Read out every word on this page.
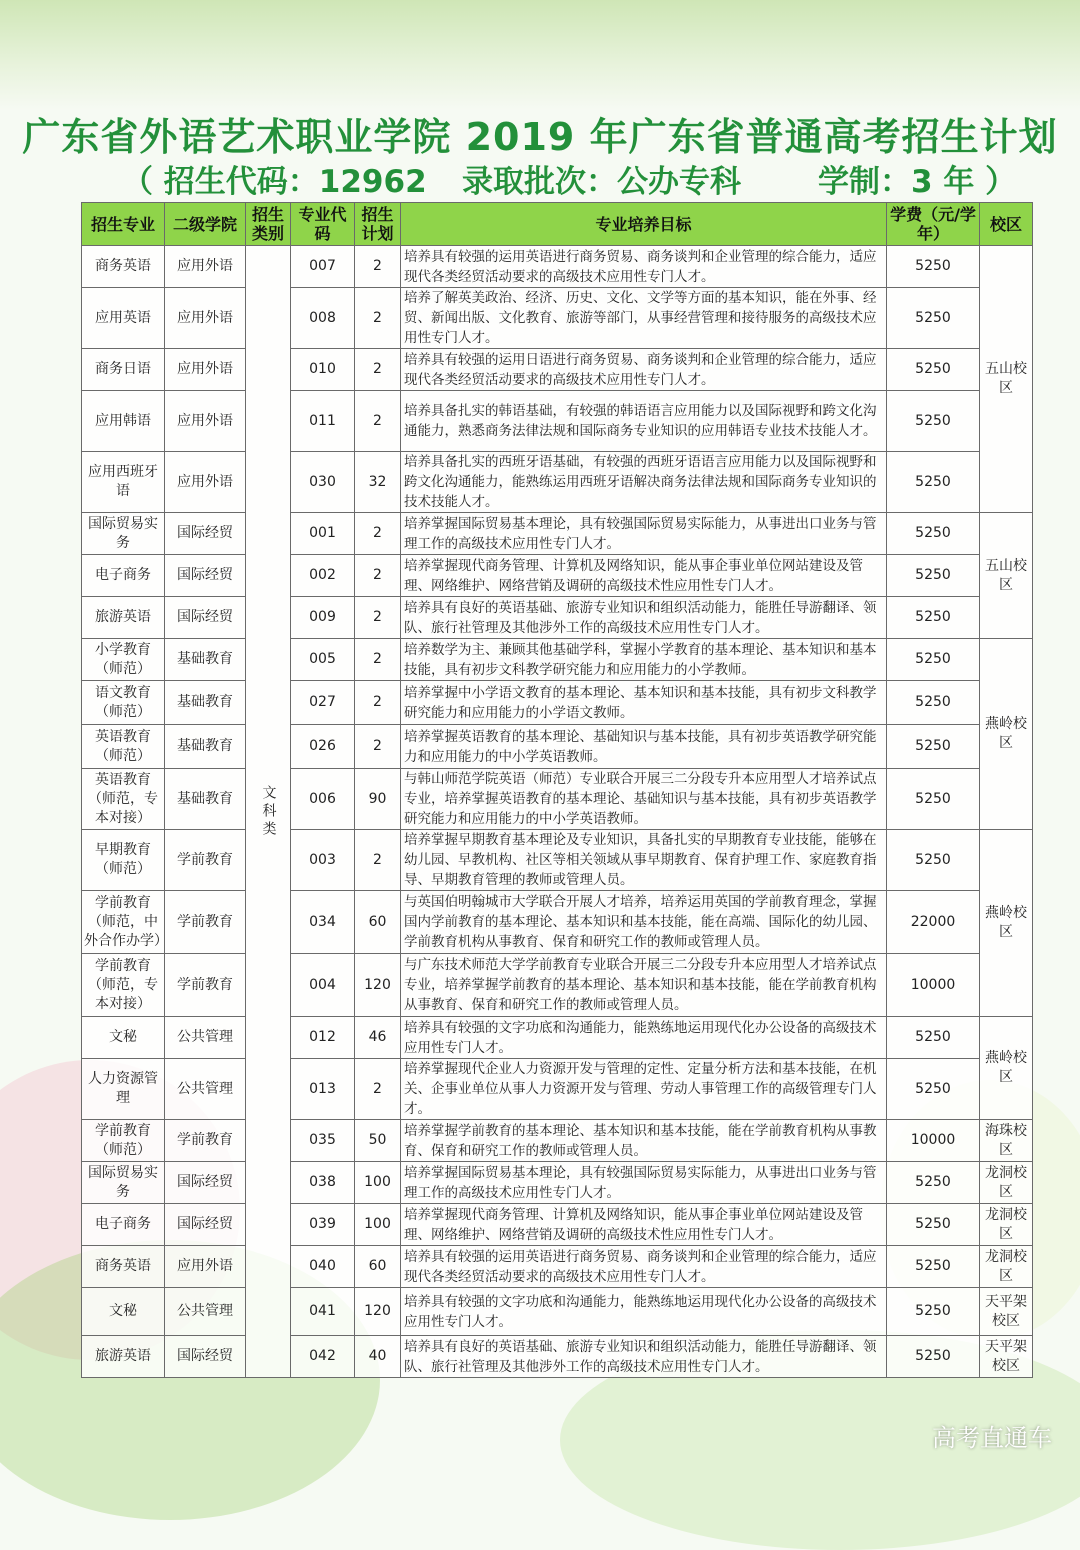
广东省外语艺术职业学院 2019 年广东省普通高考招生计划
（ 招生代码：12962 录取批次：公办专科 学制：3 年 ）
招生专业	二级学院	招生类别	专业代码	招生计划	专业培养目标	学费（元/学年）	校区
商务英语	应用外语	文科类	007	2	培养具有较强的运用英语进行商务贸易、商务谈判和企业管理的综合能力，适应现代各类经贸活动要求的高级技术应用性专门人才。	5250	五山校区
应用英语	应用外语		008	2	培养了解英美政治、经济、历史、文化、文学等方面的基本知识，能在外事、经贸、新闻出版、文化教育、旅游等部门，从事经营管理和接待服务的高级技术应用性专门人才。	5250	
商务日语	应用外语		010	2	培养具有较强的运用日语进行商务贸易、商务谈判和企业管理的综合能力，适应现代各类经贸活动要求的高级技术应用性专门人才。	5250	
应用韩语	应用外语		011	2	培养具备扎实的韩语基础，有较强的韩语语言应用能力以及国际视野和跨文化沟通能力，熟悉商务法律法规和国际商务专业知识的应用韩语专业技术技能人才。	5250	
应用西班牙语	应用外语		030	32	培养具备扎实的西班牙语基础，有较强的西班牙语语言应用能力以及国际视野和跨文化沟通能力，能熟练运用西班牙语解决商务法律法规和国际商务专业知识的技术技能人才。	5250	
国际贸易实务	国际经贸		001	2	培养掌握国际贸易基本理论，具有较强国际贸易实际能力，从事进出口业务与管理工作的高级技术应用性专门人才。	5250	五山校区
电子商务	国际经贸		002	2	培养掌握现代商务管理、计算机及网络知识，能从事企事业单位网站建设及管理、网络维护、网络营销及调研的高级技术性应用性专门人才。	5250	
旅游英语	国际经贸		009	2	培养具有良好的英语基础、旅游专业知识和组织活动能力，能胜任导游翻译、领队、旅行社管理及其他涉外工作的高级技术应用性专门人才。	5250	
小学教育（师范）	基础教育		005	2	培养数学为主、兼顾其他基础学科，掌握小学教育的基本理论、基本知识和基本技能，具有初步文科教学研究能力和应用能力的小学教师。	5250	燕岭校区
语文教育（师范）	基础教育		027	2	培养掌握中小学语文教育的基本理论、基本知识和基本技能，具有初步文科教学研究能力和应用能力的小学语文教师。	5250	
英语教育（师范）	基础教育		026	2	培养掌握英语教育的基本理论、基础知识与基本技能，具有初步英语教学研究能力和应用能力的中小学英语教师。	5250	
英语教育（师范，专本对接）	基础教育		006	90	与韩山师范学院英语（师范）专业联合开展三二分段专升本应用型人才培养试点专业，培养掌握英语教育的基本理论、基础知识与基本技能，具有初步英语教学研究能力和应用能力的中小学英语教师。	5250	
早期教育（师范）	学前教育		003	2	培养掌握早期教育基本理论及专业知识，具备扎实的早期教育专业技能，能够在幼儿园、早教机构、社区等相关领域从事早期教育、保育护理工作、家庭教育指导、早期教育管理的教师或管理人员。	5250	燕岭校区
学前教育（师范，中外合作办学）	学前教育		034	60	与英国伯明翰城市大学联合开展人才培养，培养运用英国的学前教育理念，掌握国内学前教育的基本理论、基本知识和基本技能，能在高端、国际化的幼儿园、学前教育机构从事教育、保育和研究工作的教师或管理人员。	22000	
学前教育（师范，专本对接）	学前教育		004	120	与广东技术师范大学学前教育专业联合开展三二分段专升本应用型人才培养试点专业，培养掌握学前教育的基本理论、基本知识和基本技能，能在学前教育机构从事教育、保育和研究工作的教师或管理人员。	10000	
文秘	公共管理		012	46	培养具有较强的文字功底和沟通能力，能熟练地运用现代化办公设备的高级技术应用性专门人才。	5250	燕岭校区
人力资源管理	公共管理		013	2	培养掌握现代企业人力资源开发与管理的定性、定量分析方法和基本技能，在机关、企事业单位从事人力资源开发与管理、劳动人事管理工作的高级管理专门人才。	5250	
学前教育（师范）	学前教育		035	50	培养掌握学前教育的基本理论、基本知识和基本技能，能在学前教育机构从事教育、保育和研究工作的教师或管理人员。	10000	海珠校区
国际贸易实务	国际经贸		038	100	培养掌握国际贸易基本理论，具有较强国际贸易实际能力，从事进出口业务与管理工作的高级技术应用性专门人才。	5250	龙洞校区
电子商务	国际经贸		039	100	培养掌握现代商务管理、计算机及网络知识，能从事企事业单位网站建设及管理、网络维护、网络营销及调研的高级技术性应用性专门人才。	5250	龙洞校区
商务英语	应用外语		040	60	培养具有较强的运用英语进行商务贸易、商务谈判和企业管理的综合能力，适应现代各类经贸活动要求的高级技术应用性专门人才。	5250	龙洞校区
文秘	公共管理		041	120	培养具有较强的文字功底和沟通能力，能熟练地运用现代化办公设备的高级技术应用性专门人才。	5250	天平架校区
旅游英语	国际经贸		042	40	培养具有良好的英语基础、旅游专业知识和组织活动能力，能胜任导游翻译、领队、旅行社管理及其他涉外工作的高级技术应用性专门人才。	5250	天平架校区
高考直通车
